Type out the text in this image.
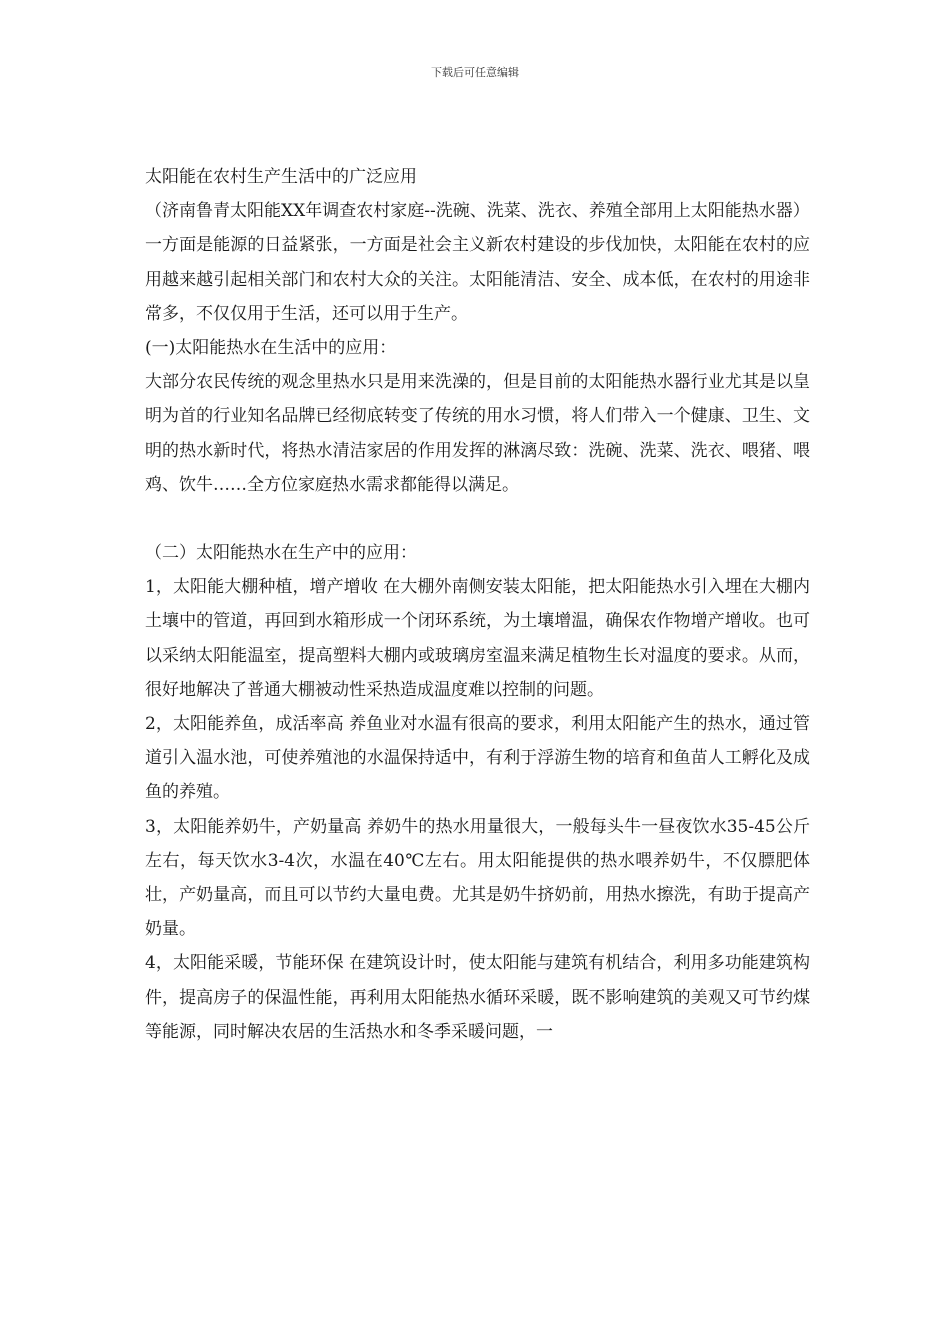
下载后可任意编辑

太阳能在农村生产生活中的广泛应用

（济南鲁青太阳能XX年调查农村家庭--洗碗、洗菜、洗衣、养殖全部用上太阳能热水器）

一方面是能源的日益紧张，一方面是社会主义新农村建设的步伐加快，太阳能在农村的应用越来越引起相关部门和农村大众的关注。太阳能清洁、安全、成本低，在农村的用途非常多，不仅仅用于生活，还可以用于生产。

(一)太阳能热水在生活中的应用：

大部分农民传统的观念里热水只是用来洗澡的，但是目前的太阳能热水器行业尤其是以皇明为首的行业知名品牌已经彻底转变了传统的用水习惯，将人们带入一个健康、卫生、文明的热水新时代，将热水清洁家居的作用发挥的淋漓尽致：洗碗、洗菜、洗衣、喂猪、喂鸡、饮牛……全方位家庭热水需求都能得以满足。

（二）太阳能热水在生产中的应用：

1，太阳能大棚种植，增产增收 在大棚外南侧安装太阳能，把太阳能热水引入埋在大棚内土壤中的管道，再回到水箱形成一个闭环系统，为土壤增温，确保农作物增产增收。也可以采纳太阳能温室，提高塑料大棚内或玻璃房室温来满足植物生长对温度的要求。从而，很好地解决了普通大棚被动性采热造成温度难以控制的问题。

2，太阳能养鱼，成活率高 养鱼业对水温有很高的要求，利用太阳能产生的热水，通过管道引入温水池，可使养殖池的水温保持适中，有利于浮游生物的培育和鱼苗人工孵化及成鱼的养殖。

3，太阳能养奶牛，产奶量高 养奶牛的热水用量很大，一般每头牛一昼夜饮水35-45公斤左右，每天饮水3-4次，水温在40℃左右。用太阳能提供的热水喂养奶牛，不仅膘肥体壮，产奶量高，而且可以节约大量电费。尤其是奶牛挤奶前，用热水擦洗，有助于提高产奶量。

4，太阳能采暖，节能环保 在建筑设计时，使太阳能与建筑有机结合，利用多功能建筑构件，提高房子的保温性能，再利用太阳能热水循环采暖，既不影响建筑的美观又可节约煤等能源，同时解决农居的生活热水和冬季采暖问题，一
